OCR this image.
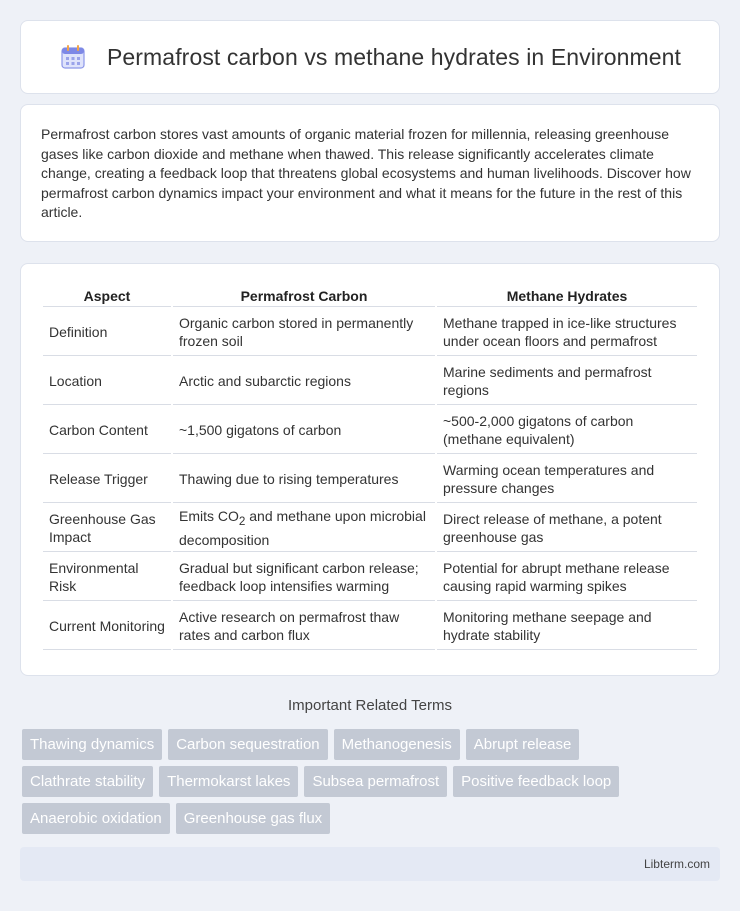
Permafrost carbon vs methane hydrates in Environment

Permafrost carbon stores vast amounts of organic material frozen for millennia, releasing greenhouse gases like carbon dioxide and methane when thawed. This release significantly accelerates climate change, creating a feedback loop that threatens global ecosystems and human livelihoods. Discover how permafrost carbon dynamics impact your environment and what it means for the future in the rest of this article.

Aspect	Permafrost Carbon	Methane Hydrates
Definition	Organic carbon stored in permanently frozen soil	Methane trapped in ice-like structures under ocean floors and permafrost
Location	Arctic and subarctic regions	Marine sediments and permafrost regions
Carbon Content	~1,500 gigatons of carbon	~500-2,000 gigatons of carbon (methane equivalent)
Release Trigger	Thawing due to rising temperatures	Warming ocean temperatures and pressure changes
Greenhouse Gas Impact	Emits $CO_2$ and methane upon microbial decomposition	Direct release of methane, a potent greenhouse gas
Environmental Risk	Gradual but significant carbon release; feedback loop intensifies warming	Potential for abrupt methane release causing rapid warming spikes
Current Monitoring	Active research on permafrost thaw rates and carbon flux	Monitoring methane seepage and hydrate stability
Important Related Terms
Thawing dynamics	Carbon sequestration	Methanogenesis	Abrupt release
Clathrate stability	Thermokarst lakes	Subsea permafrost	Positive feedback loop
Anaerobic oxidation	Greenhouse gas flux
Libterm.com
